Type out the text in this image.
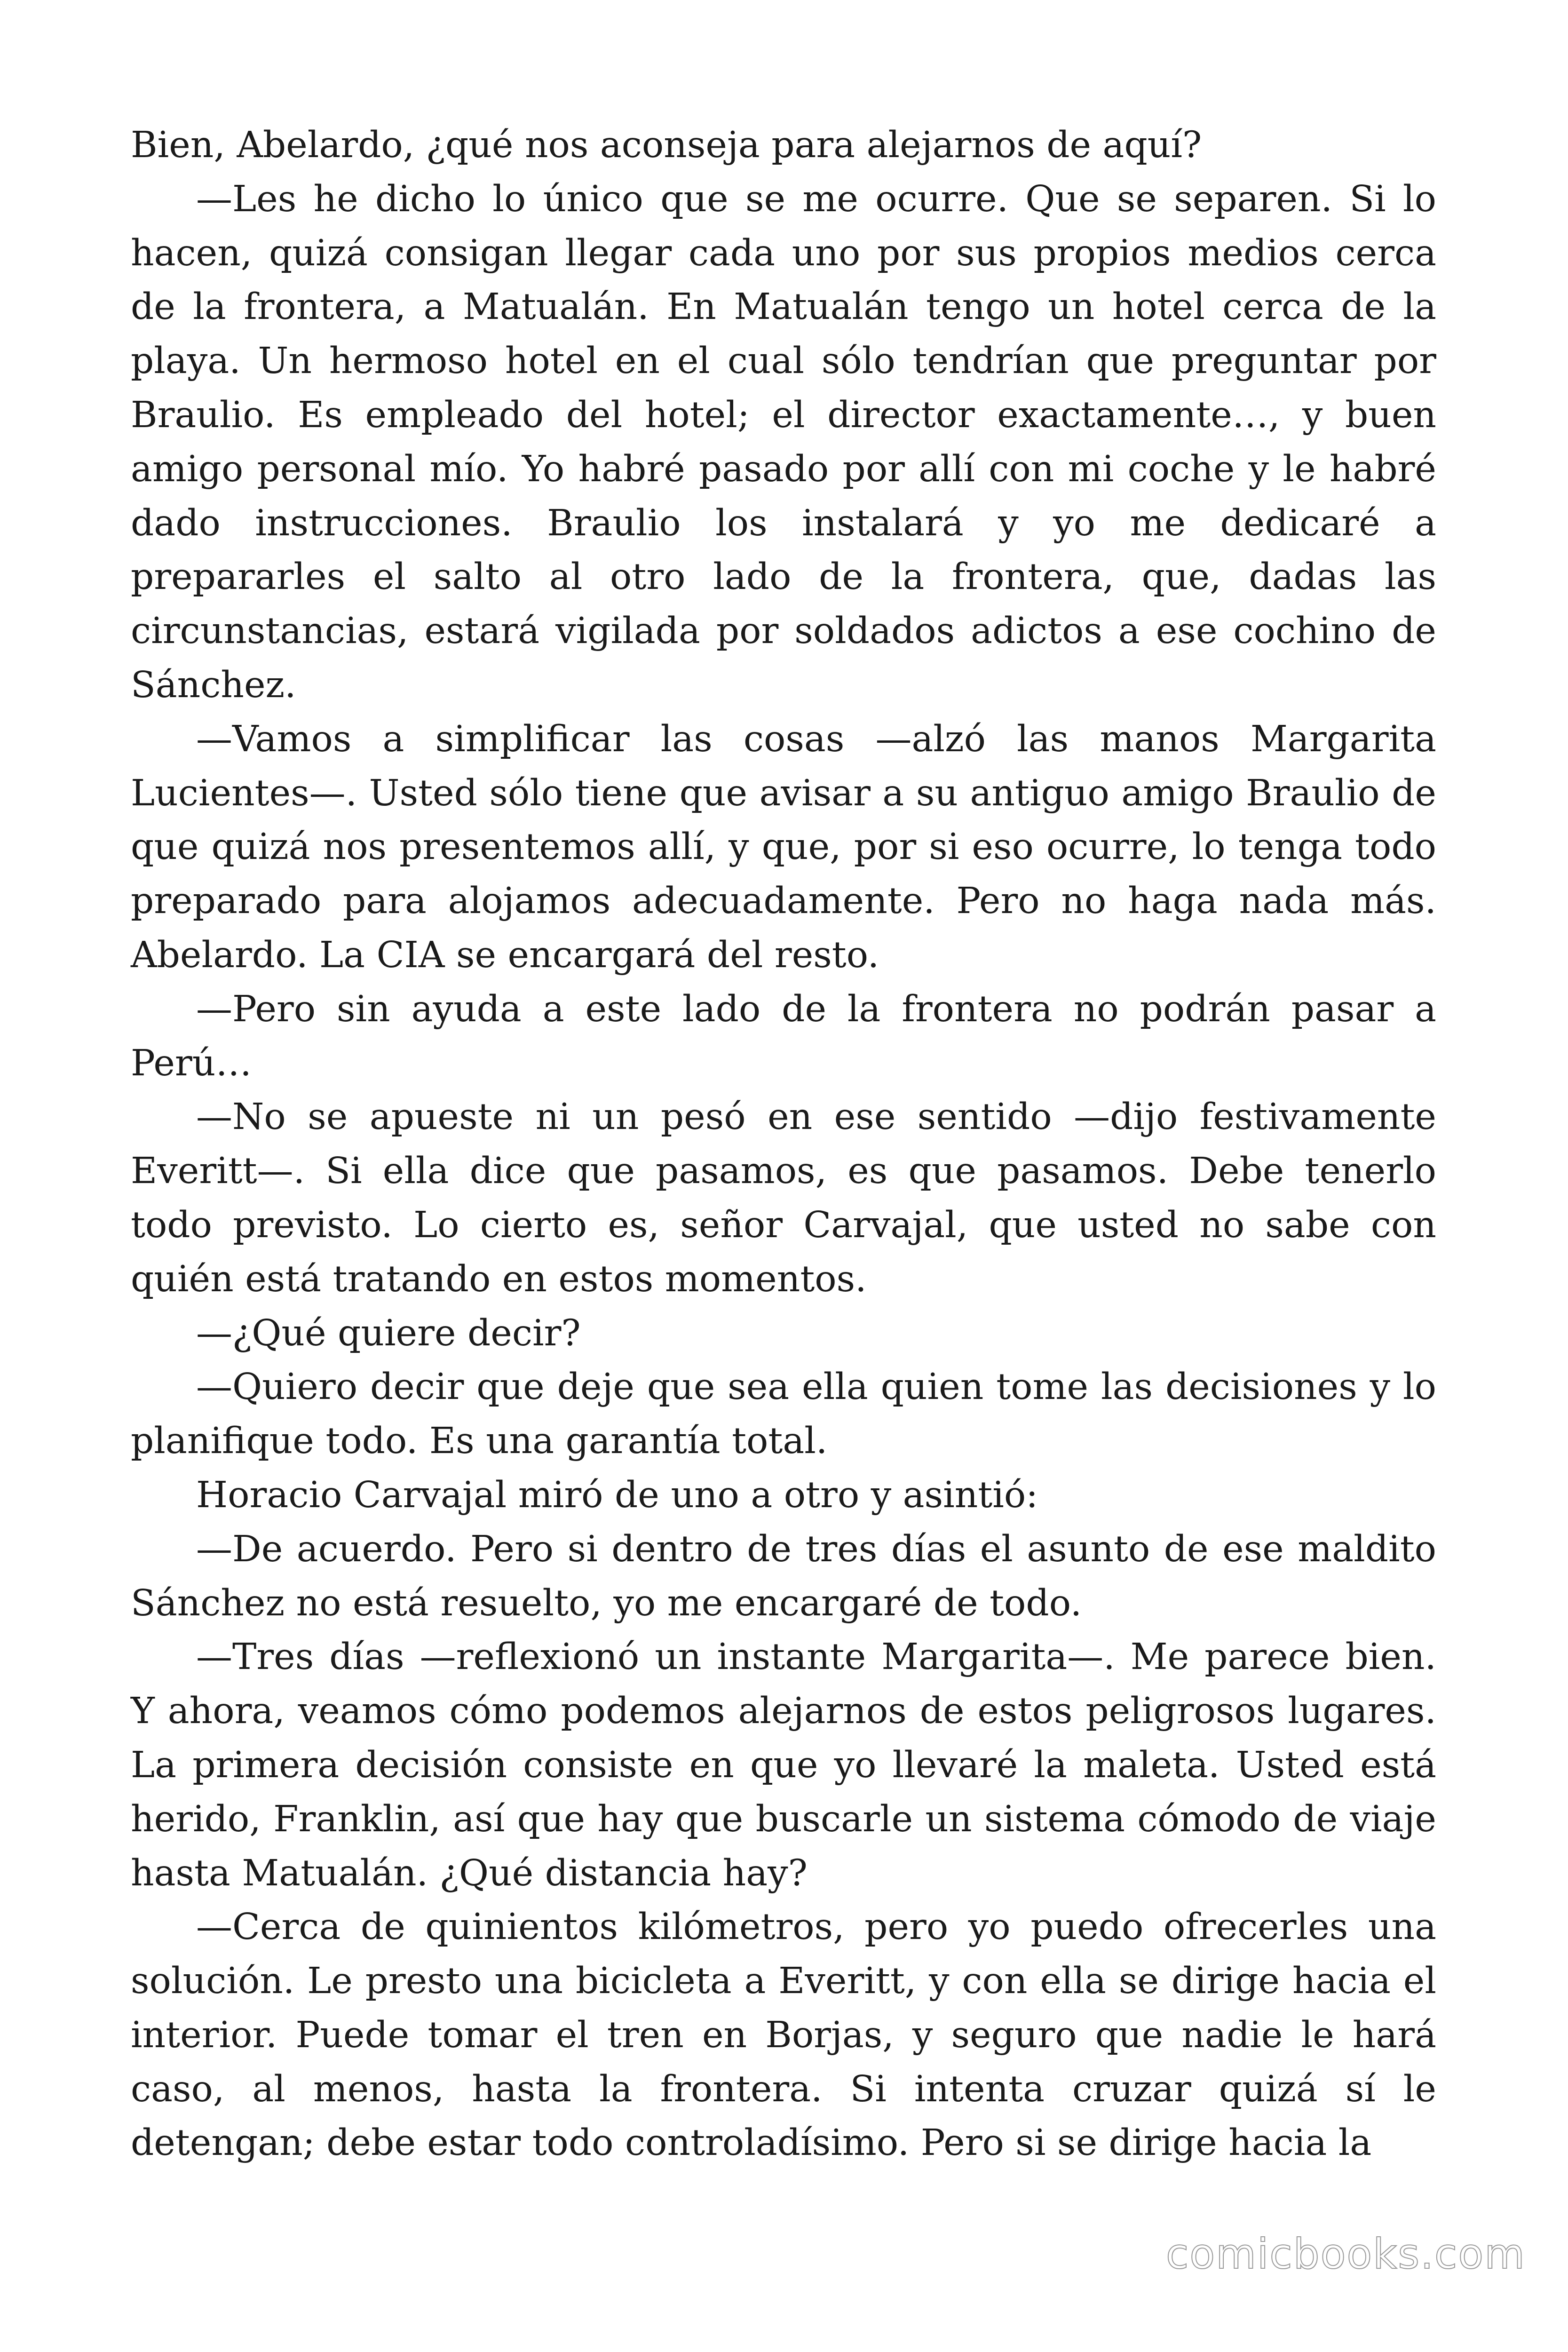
Bien, Abelardo, ¿qué nos aconseja para alejarnos de aquí?

—Les he dicho lo único que se me ocurre. Que se separen. Si lo hacen, quizá consigan llegar cada uno por sus propios medios cerca de la frontera, a Matualán. En Matualán tengo un hotel cerca de la playa. Un hermoso hotel en el cual sólo tendrían que preguntar por Braulio. Es empleado del hotel; el director exactamente…, y buen amigo personal mío. Yo habré pasado por allí con mi coche y le habré dado instrucciones. Braulio los instalará y yo me dedicaré a prepararles el salto al otro lado de la frontera, que, dadas las circunstancias, estará vigilada por soldados adictos a ese cochino de Sánchez.

—Vamos a simplificar las cosas —alzó las manos Margarita Lucientes—. Usted sólo tiene que avisar a su antiguo amigo Braulio de que quizá nos presentemos allí, y que, por si eso ocurre, lo tenga todo preparado para alojamos adecuadamente. Pero no haga nada más. Abelardo. La CIA se encargará del resto.

—Pero sin ayuda a este lado de la frontera no podrán pasar a Perú…

—No se apueste ni un pesó en ese sentido —dijo festivamente Everitt—. Si ella dice que pasamos, es que pasamos. Debe tenerlo todo previsto. Lo cierto es, señor Carvajal, que usted no sabe con quién está tratando en estos momentos.

—¿Qué quiere decir?

—Quiero decir que deje que sea ella quien tome las decisiones y lo planifique todo. Es una garantía total.

Horacio Carvajal miró de uno a otro y asintió:

—De acuerdo. Pero si dentro de tres días el asunto de ese maldito Sánchez no está resuelto, yo me encargaré de todo.

—Tres días —reflexionó un instante Margarita—. Me parece bien. Y ahora, veamos cómo podemos alejarnos de estos peligrosos lugares. La primera decisión consiste en que yo llevaré la maleta. Usted está herido, Franklin, así que hay que buscarle un sistema cómodo de viaje hasta Matualán. ¿Qué distancia hay?

—Cerca de quinientos kilómetros, pero yo puedo ofrecerles una solución. Le presto una bicicleta a Everitt, y con ella se dirige hacia el interior. Puede tomar el tren en Borjas, y seguro que nadie le hará caso, al menos, hasta la frontera. Si intenta cruzar quizá sí le detengan; debe estar todo controladísimo. Pero si se dirige hacia la

comicbooks.com
